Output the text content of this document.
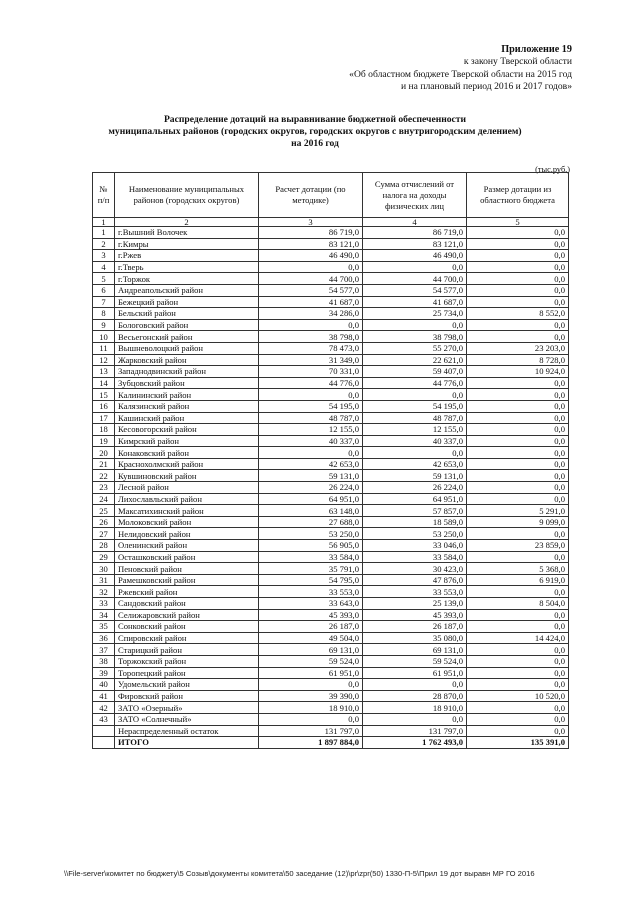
Приложение 19
к закону Тверской области
«Об областном бюджете Тверской области на 2015 год
и на плановый период 2016 и 2017 годов»
Распределение дотаций на выравнивание бюджетной обеспеченности
муниципальных районов (городских округов, городских округов с внутригородским делением)
на 2016 год
(тыс.руб.)
№ п/п	Наименование муниципальных районов (городских округов)	Расчет дотации (по методике)	Сумма отчислений от налога на доходы физических лиц	Размер дотации из областного бюджета
1	2	3	4	5
1	г.Вышний Волочек	86 719,0	86 719,0	0,0
2	г.Кимры	83 121,0	83 121,0	0,0
3	г.Ржев	46 490,0	46 490,0	0,0
4	г.Тверь	0,0	0,0	0,0
5	г.Торжок	44 700,0	44 700,0	0,0
6	Андреапольский район	54 577,0	54 577,0	0,0
7	Бежецкий район	41 687,0	41 687,0	0,0
8	Бельский район	34 286,0	25 734,0	8 552,0
9	Бологовский район	0,0	0,0	0,0
10	Весьегонский район	38 798,0	38 798,0	0,0
11	Вышневолоцкий район	78 473,0	55 270,0	23 203,0
12	Жарковский район	31 349,0	22 621,0	8 728,0
13	Западнодвинский район	70 331,0	59 407,0	10 924,0
14	Зубцовский район	44 776,0	44 776,0	0,0
15	Калининский район	0,0	0,0	0,0
16	Калязинский район	54 195,0	54 195,0	0,0
17	Кашинский район	48 787,0	48 787,0	0,0
18	Кесовогорский район	12 155,0	12 155,0	0,0
19	Кимрский район	40 337,0	40 337,0	0,0
20	Конаковский район	0,0	0,0	0,0
21	Краснохолмский район	42 653,0	42 653,0	0,0
22	Кувшиновский район	59 131,0	59 131,0	0,0
23	Лесной район	26 224,0	26 224,0	0,0
24	Лихославльский район	64 951,0	64 951,0	0,0
25	Максатихинский район	63 148,0	57 857,0	5 291,0
26	Молоковский район	27 688,0	18 589,0	9 099,0
27	Нелидовский район	53 250,0	53 250,0	0,0
28	Оленинский район	56 905,0	33 046,0	23 859,0
29	Осташковский район	33 584,0	33 584,0	0,0
30	Пеновский район	35 791,0	30 423,0	5 368,0
31	Рамешковский район	54 795,0	47 876,0	6 919,0
32	Ржевский район	33 553,0	33 553,0	0,0
33	Сандовский район	33 643,0	25 139,0	8 504,0
34	Селижаровский район	45 393,0	45 393,0	0,0
35	Сонковский район	26 187,0	26 187,0	0,0
36	Спировский район	49 504,0	35 080,0	14 424,0
37	Старицкий район	69 131,0	69 131,0	0,0
38	Торжокский район	59 524,0	59 524,0	0,0
39	Торопецкий район	61 951,0	61 951,0	0,0
40	Удомельский район	0,0	0,0	0,0
41	Фировский район	39 390,0	28 870,0	10 520,0
42	ЗАТО «Озерный»	18 910,0	18 910,0	0,0
43	ЗАТО «Солнечный»	0,0	0,0	0,0
	Нераспределенный остаток	131 797,0	131 797,0	0,0
	ИТОГО	1 897 884,0	1 762 493,0	135 391,0
\\File-server\комитет по бюджету\5 Созыв\документы комитета\50 заседание (12)\pr\zpr(50) 1330-П-5\Прил 19 дот выравн МР ГО 2016
